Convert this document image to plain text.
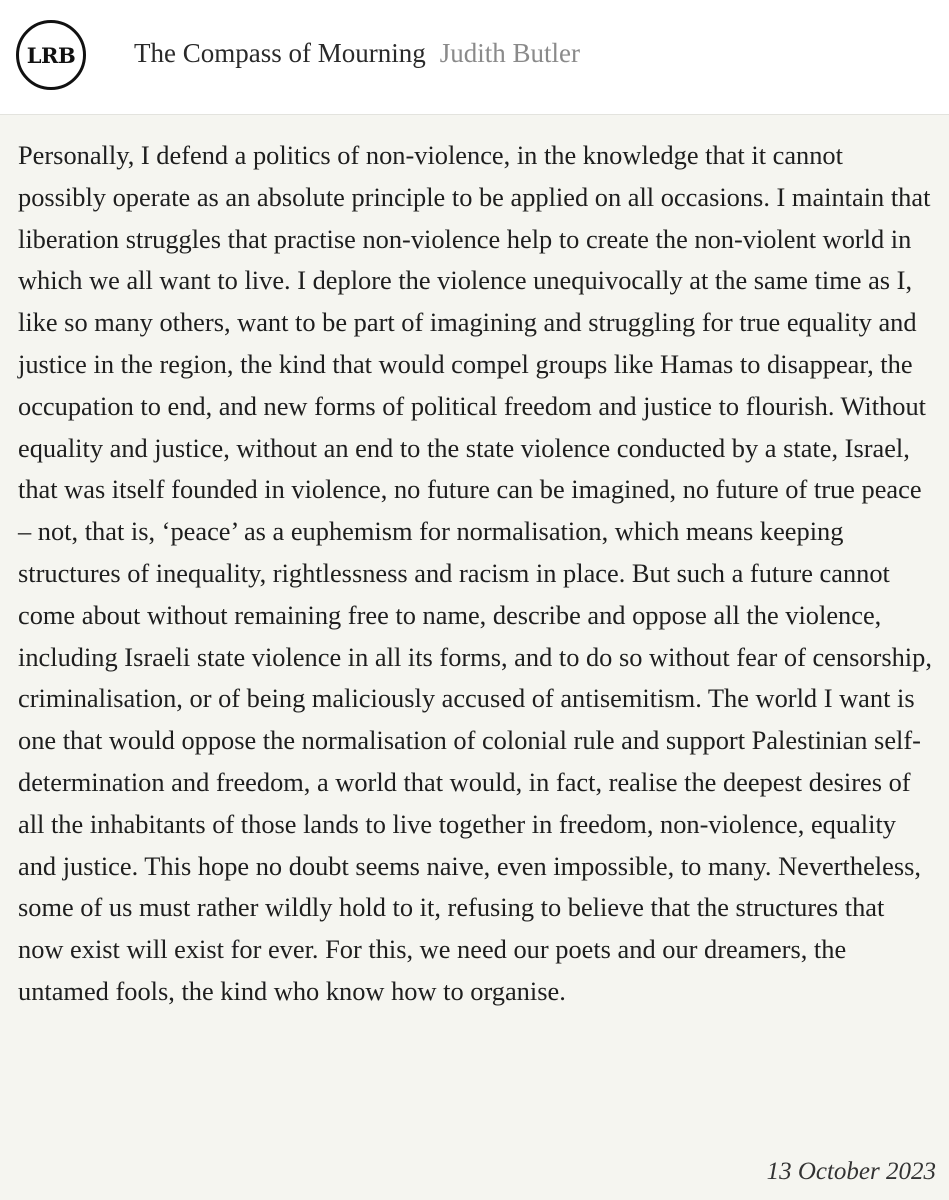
LRB	The Compass of Mourning Judith Butler

Personally, I defend a politics of non-violence, in the knowledge that it cannot possibly operate as an absolute principle to be applied on all occasions. I maintain that liberation struggles that practise non-violence help to create the non-violent world in which we all want to live. I deplore the violence unequivocally at the same time as I, like so many others, want to be part of imagining and struggling for true equality and justice in the region, the kind that would compel groups like Hamas to disappear, the occupation to end, and new forms of political freedom and justice to flourish. Without equality and justice, without an end to the state violence conducted by a state, Israel, that was itself founded in violence, no future can be imagined, no future of true peace – not, that is, ‘peace’ as a euphemism for normalisation, which means keeping structures of inequality, rightlessness and racism in place. But such a future cannot come about without remaining free to name, describe and oppose all the violence, including Israeli state violence in all its forms, and to do so without fear of censorship, criminalisation, or of being maliciously accused of antisemitism. The world I want is one that would oppose the normalisation of colonial rule and support Palestinian self-determination and freedom, a world that would, in fact, realise the deepest desires of all the inhabitants of those lands to live together in freedom, non-violence, equality and justice. This hope no doubt seems naive, even impossible, to many. Nevertheless, some of us must rather wildly hold to it, refusing to believe that the structures that now exist will exist for ever. For this, we need our poets and our dreamers, the untamed fools, the kind who know how to organise.

13 October 2023
